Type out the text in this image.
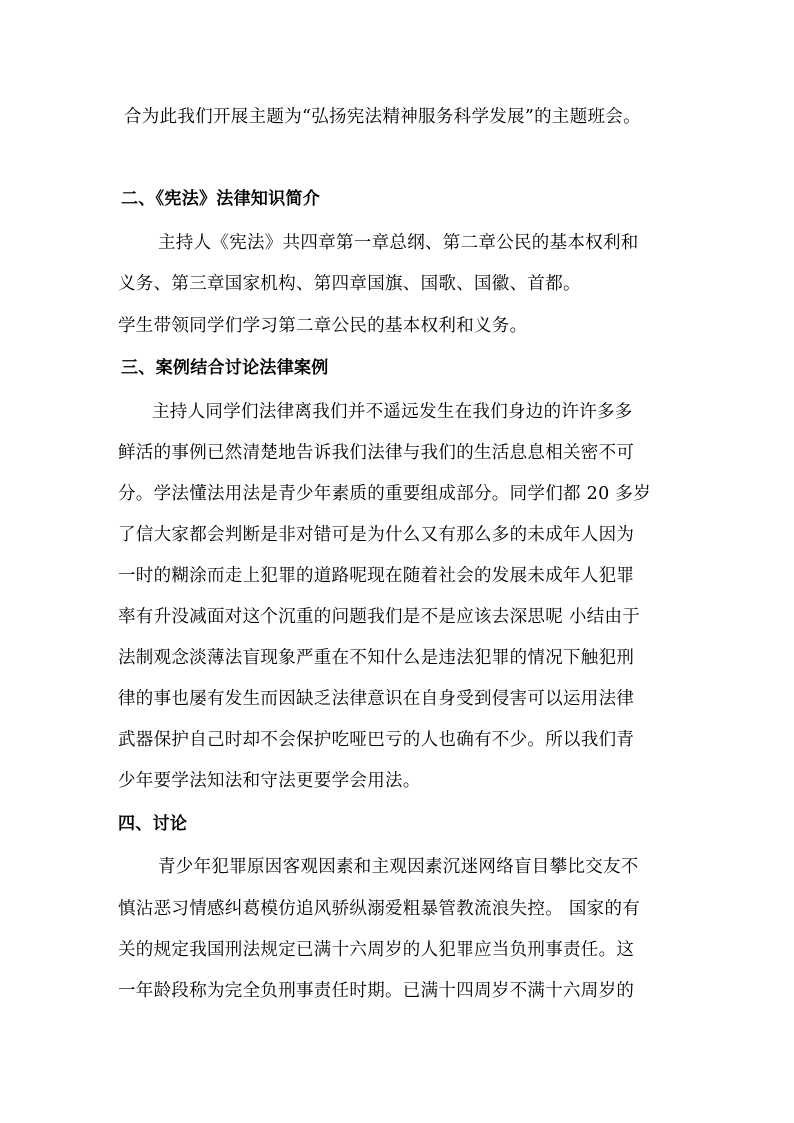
合为此我们开展主题为“弘扬宪法精神服务科学发展”的主题班会。
二、《宪法》法律知识简介
主持人《宪法》共四章第一章总纲、第二章公民的基本权利和
义务、第三章国家机构、第四章国旗、国歌、国徽、首都。
学生带领同学们学习第二章公民的基本权利和义务。
三、案例结合讨论法律案例
主持人同学们法律离我们并不遥远发生在我们身边的许许多多
鲜活的事例已然清楚地告诉我们法律与我们的生活息息相关密不可
分。学法懂法用法是青少年素质的重要组成部分。同学们都 20 多岁
了信大家都会判断是非对错可是为什么又有那么多的未成年人因为
一时的糊涂而走上犯罪的道路呢现在随着社会的发展未成年人犯罪
率有升没减面对这个沉重的问题我们是不是应该去深思呢 小结由于
法制观念淡薄法盲现象严重在不知什么是违法犯罪的情况下触犯刑
律的事也屡有发生而因缺乏法律意识在自身受到侵害可以运用法律
武器保护自己时却不会保护吃哑巴亏的人也确有不少。所以我们青
少年要学法知法和守法更要学会用法。
四、讨论
青少年犯罪原因客观因素和主观因素沉迷网络盲目攀比交友不
慎沾恶习情感纠葛模仿追风骄纵溺爱粗暴管教流浪失控。 国家的有
关的规定我国刑法规定已满十六周岁的人犯罪应当负刑事责任。这
一年龄段称为完全负刑事责任时期。已满十四周岁不满十六周岁的
